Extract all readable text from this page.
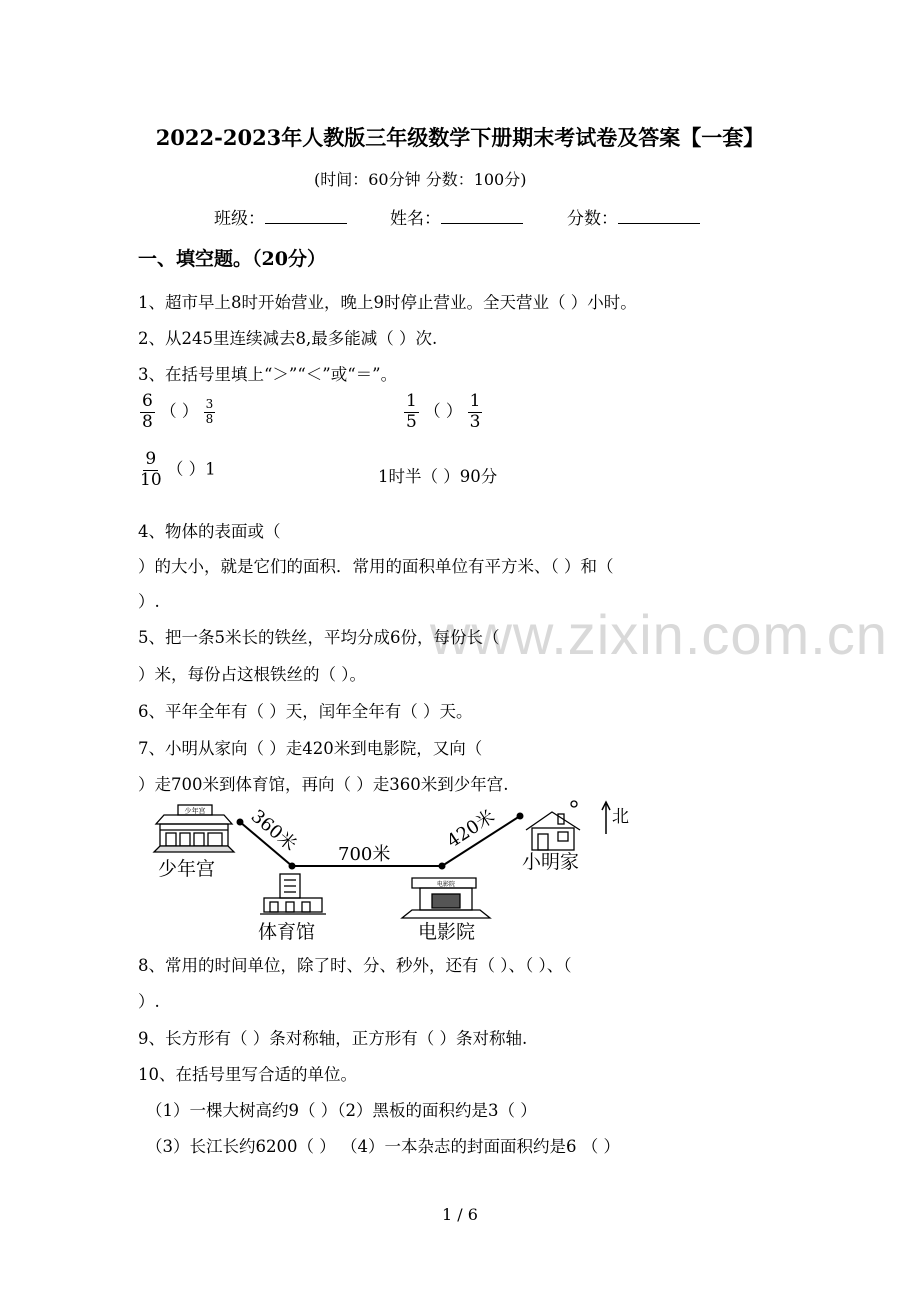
2022-2023年人教版三年级数学下册期末考试卷及答案【一套】
(时间：60分钟 分数：100分)
班级：	姓名：	分数：
一、填空题。（20分）
1、超市早上8时开始营业，晚上9时停止营业。全天营业（ ）小时。
2、从245里连续减去8,最多能减（ ）次.
3、在括号里填上“＞”“＜”或“＝”。
$\frac{6}{8}$ （ ） $\frac{3}{8}$	$\frac{1}{5}$ （ ） $\frac{1}{3}$
$\frac{9}{10}$ （ ）1	1时半（ ）90分
4、物体的表面或（
）的大小，就是它们的面积．常用的面积单位有平方米、（ ）和（
）.
www.zixin.com.cn
5、把一条5米长的铁丝，平均分成6份，每份长（
）米，每份占这根铁丝的（ ）。
6、平年全年有（ ）天，闰年全年有（ ）天。
7、小明从家向（ ）走420米到电影院，又向（
）走700米到体育馆，再向（ ）走360米到少年宫.
少年宫
少年宫
360米 700米
420米
体育馆
电影院
电影院
小明家
北
8、常用的时间单位，除了时、分、秒外，还有（ ）、（ ）、（
）.
9、长方形有（ ）条对称轴，正方形有（ ）条对称轴.
10、在括号里写合适的单位。
（1）一棵大树高约9（ ）（2）黑板的面积约是3（ ）
（3）长江长约6200（ ） （4）一本杂志的封面面积约是6 （ ）
1 / 6
